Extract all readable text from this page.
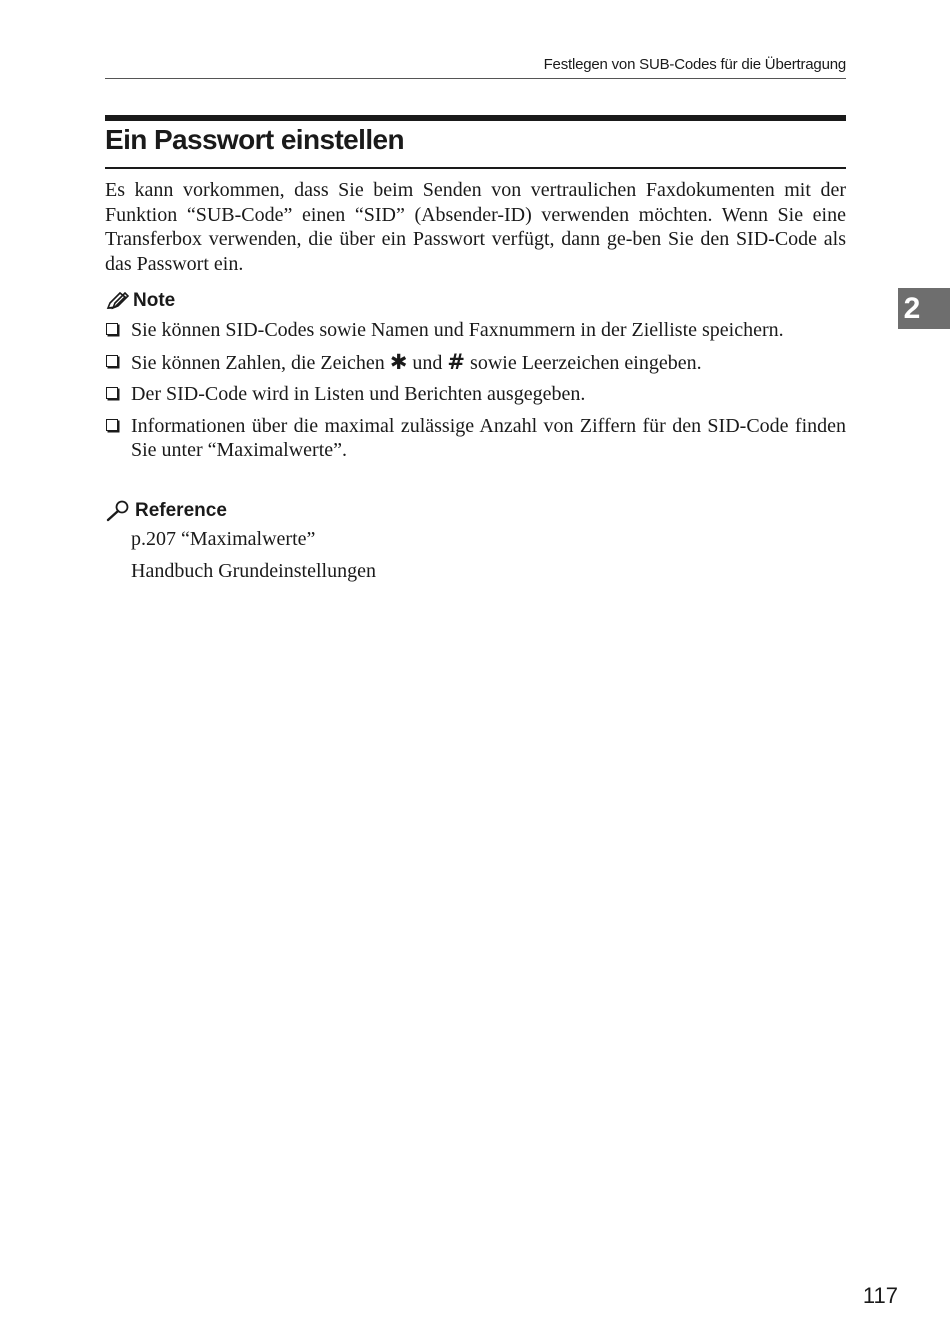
Festlegen von SUB-Codes für die Übertragung
Ein Passwort einstellen

Es kann vorkommen, dass Sie beim Senden von vertraulichen Faxdokumenten mit der Funktion “SUB-Code” einen “SID” (Absender-ID) verwenden möchten. Wenn Sie eine Transferbox verwenden, die über ein Passwort verfügt, dann ge-ben Sie den SID-Code als das Passwort ein.

Note
Sie können SID-Codes sowie Namen und Faxnummern in der Zielliste speichern.
Sie können Zahlen, die Zeichen ✱ und # sowie Leerzeichen eingeben.
Der SID-Code wird in Listen und Berichten ausgegeben.
Informationen über die maximal zulässige Anzahl von Ziffern für den SID-Code finden Sie unter “Maximalwerte”.
Reference

p.207 “Maximalwerte”

Handbuch Grundeinstellungen

2
117
